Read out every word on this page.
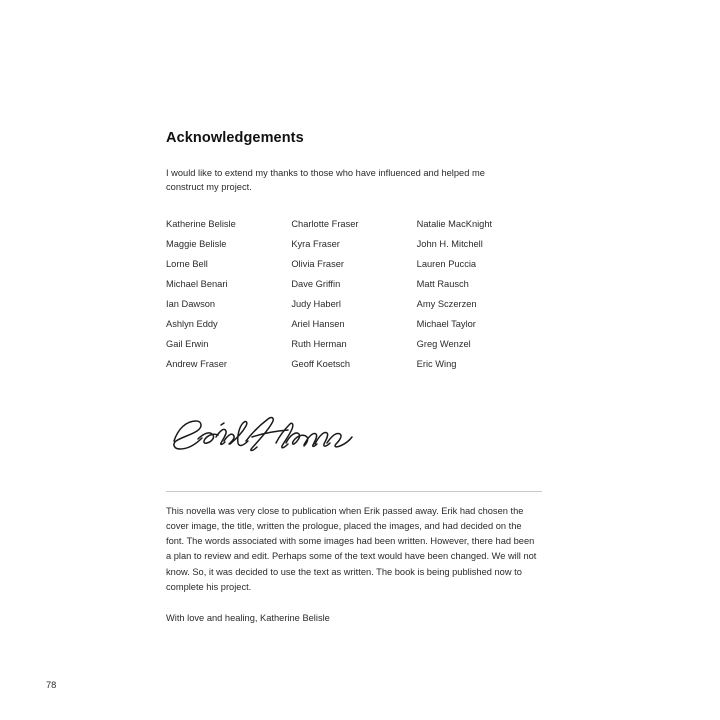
Acknowledgements

I would like to extend my thanks to those who have influenced and helped me construct my project.

Katherine Belisle
Maggie Belisle
Lorne Bell
Michael Benari
Ian Dawson
Ashlyn Eddy
Gail Erwin
Andrew Fraser
Charlotte Fraser
Kyra Fraser
Olivia Fraser
Dave Griffin
Judy Haberl
Ariel Hansen
Ruth Herman
Geoff Koetsch
Natalie MacKnight
John H. Mitchell
Lauren Puccia
Matt Rausch
Amy Sczerzen
Michael Taylor
Greg Wenzel
Eric Wing

This novella was very close to publication when Erik passed away. Erik had chosen the cover image, the title, written the prologue, placed the images, and had decided on the font. The words associated with some images had been written. However, there had been a plan to review and edit. Perhaps some of the text would have been changed. We will not know. So, it was decided to use the text as written. The book is being published now to complete his project.

With love and healing, Katherine Belisle

78
